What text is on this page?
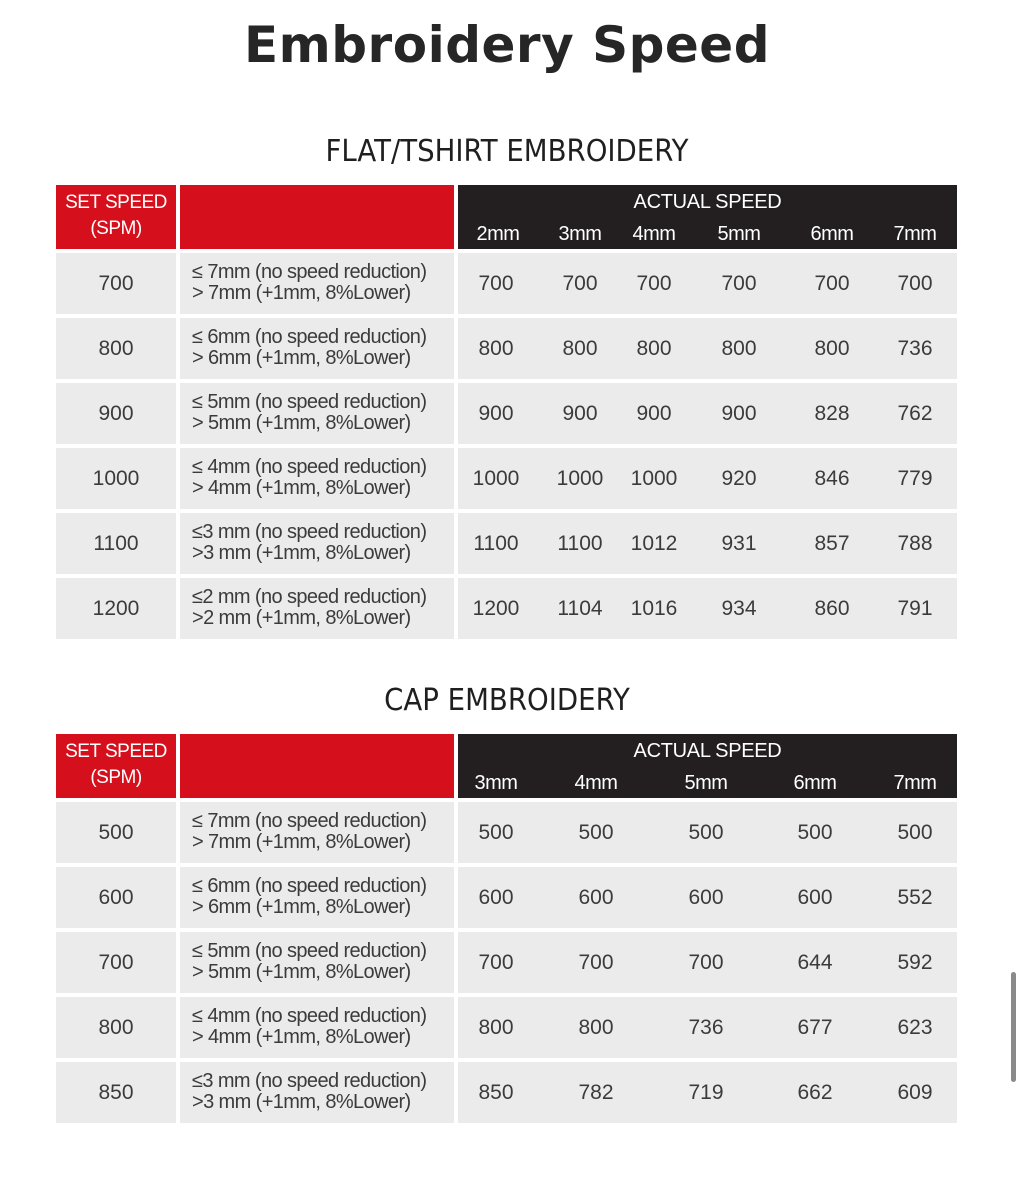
Embroidery Speed
FLAT/TSHIRT EMBROIDERY
SET SPEED
(SPM)
ACTUAL SPEED
2mm 3mm 4mm 5mm	6mm 7mm
700	≤ 7mm (no speed reduction)
> 7mm (+1mm, 8%Lower)	700 700 700 700	700 700
800	≤ 6mm (no speed reduction)
> 6mm (+1mm, 8%Lower)	800 800 800 800	800 736
900	≤ 5mm (no speed reduction)
> 5mm (+1mm, 8%Lower)	900 900 900 900	828 762
1000	≤ 4mm (no speed reduction)
> 4mm (+1mm, 8%Lower)	1000 1000 1000 920	846 779
1100	≤3 mm (no speed reduction)
>3 mm (+1mm, 8%Lower)	1100 1100 1012 931	857 788
1200	≤2 mm (no speed reduction)
>2 mm (+1mm, 8%Lower)	1200 1104 1016 934	860 791
CAP EMBROIDERY
SET SPEED
(SPM)
ACTUAL SPEED
3mm	4mm	5mm	6mm	7mm
500	≤ 7mm (no speed reduction)
> 7mm (+1mm, 8%Lower)	500	500	500	500	500
600	≤ 6mm (no speed reduction)
> 6mm (+1mm, 8%Lower)	600	600	600	600	552
700	≤ 5mm (no speed reduction)
> 5mm (+1mm, 8%Lower)	700	700	700	644	592
800	≤ 4mm (no speed reduction)
> 4mm (+1mm, 8%Lower)	800	800	736	677	623
850	≤3 mm (no speed reduction)
>3 mm (+1mm, 8%Lower)	850	782	719	662	609
